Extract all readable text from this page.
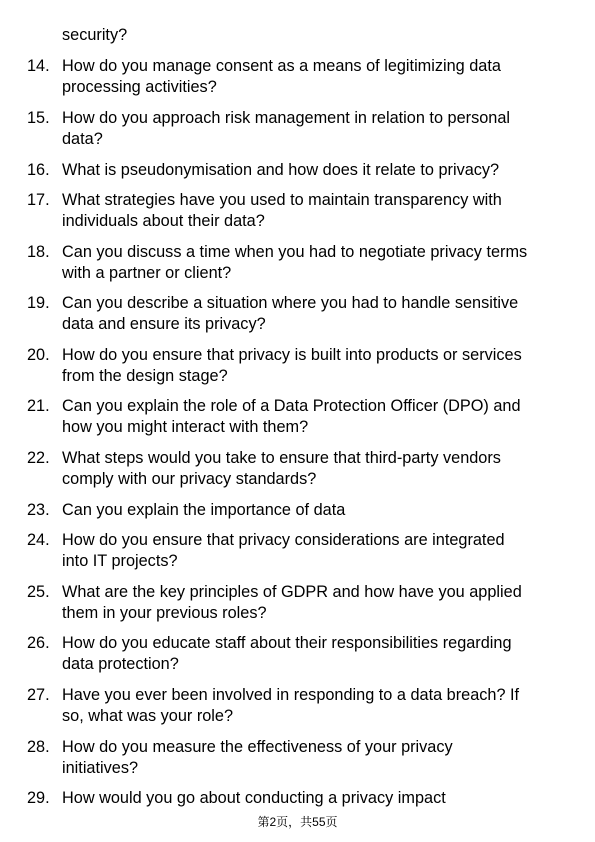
security?
14. How do you manage consent as a means of legitimizing data
processing activities?
15. How do you approach risk management in relation to personal
data?
16. What is pseudonymisation and how does it relate to privacy?
17. What strategies have you used to maintain transparency with
individuals about their data?
18. Can you discuss a time when you had to negotiate privacy terms
with a partner or client?
19. Can you describe a situation where you had to handle sensitive
data and ensure its privacy?
20. How do you ensure that privacy is built into products or services
from the design stage?
21. Can you explain the role of a Data Protection Officer (DPO) and
how you might interact with them?
22. What steps would you take to ensure that third-party vendors
comply with our privacy standards?
23. Can you explain the importance of data
24. How do you ensure that privacy considerations are integrated
into IT projects?
25. What are the key principles of GDPR and how have you applied
them in your previous roles?
26. How do you educate staff about their responsibilities regarding
data protection?
27. Have you ever been involved in responding to a data breach? If
so, what was your role?
28. How do you measure the effectiveness of your privacy
initiatives?
29. How would you go about conducting a privacy impact
第2页，共55页
